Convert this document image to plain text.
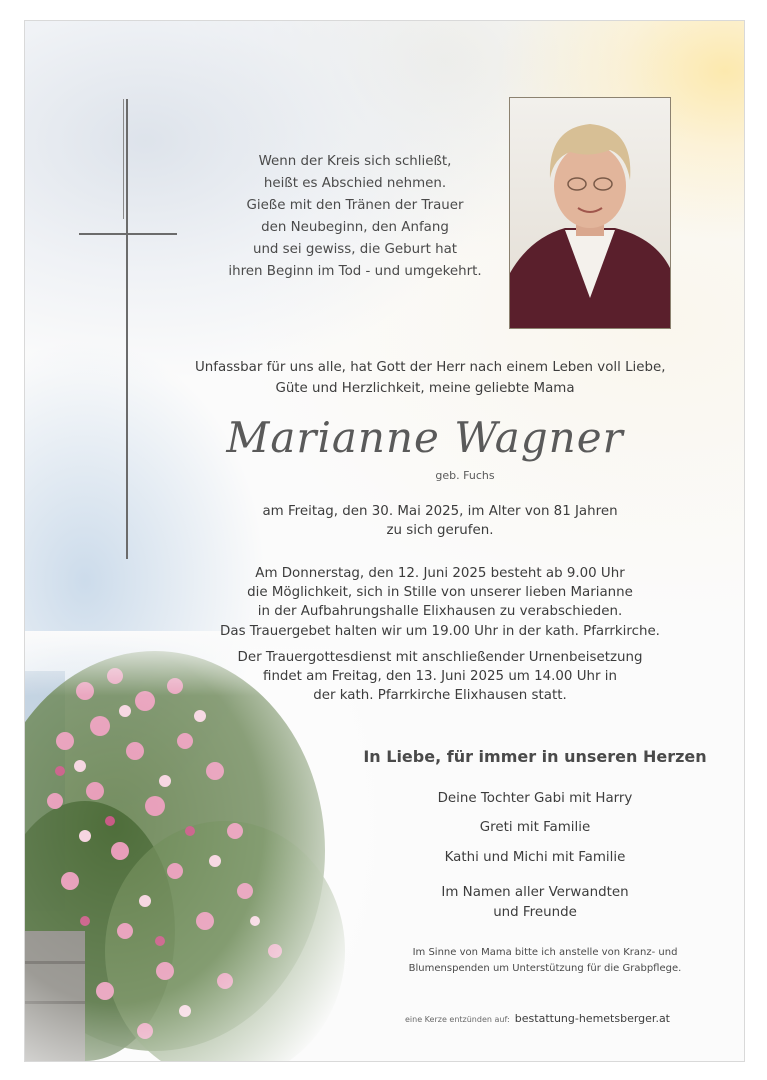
Wenn der Kreis sich schließt,
heißt es Abschied nehmen.
Gieße mit den Tränen der Trauer
den Neubeginn, den Anfang
und sei gewiss, die Geburt hat
ihren Beginn im Tod - und umgekehrt.
Unfassbar für uns alle, hat Gott der Herr nach einem Leben voll Liebe,
Güte und Herzlichkeit, meine geliebte Mama
Marianne Wagner
geb. Fuchs
am Freitag, den 30. Mai 2025, im Alter von 81 Jahren
zu sich gerufen.
Am Donnerstag, den 12. Juni 2025 besteht ab 9.00 Uhr
die Möglichkeit, sich in Stille von unserer lieben Marianne
in der Aufbahrungshalle Elixhausen zu verabschieden.
Das Trauergebet halten wir um 19.00 Uhr in der kath. Pfarrkirche.
Der Trauergottesdienst mit anschließender Urnenbeisetzung
findet am Freitag, den 13. Juni 2025 um 14.00 Uhr in
der kath. Pfarrkirche Elixhausen statt.
In Liebe, für immer in unseren Herzen
Deine Tochter Gabi mit Harry
Greti mit Familie
Kathi und Michi mit Familie
Im Namen aller Verwandten
und Freunde
Im Sinne von Mama bitte ich anstelle von Kranz- und
Blumenspenden um Unterstützung für die Grabpflege.
eine Kerze entzünden auf: bestattung-hemetsberger.at
